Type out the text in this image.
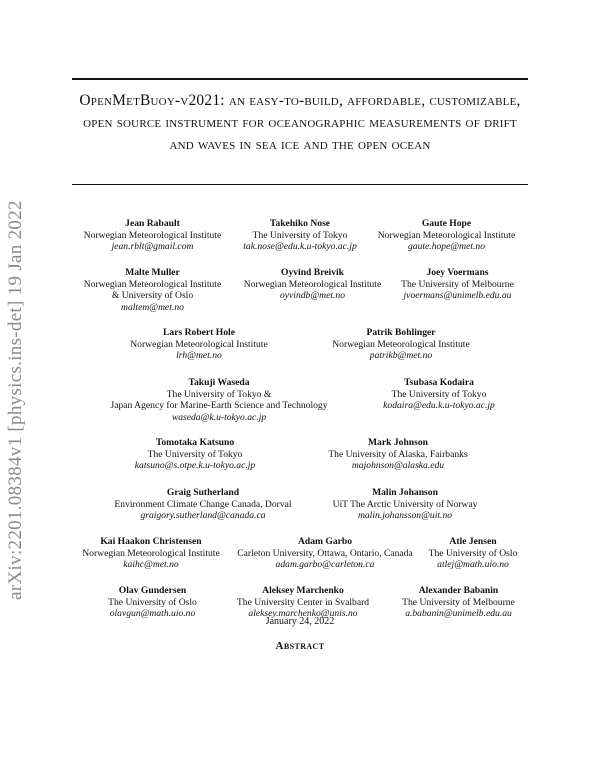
OpenMetBuoy-v2021: an easy-to-build, affordable, customizable, open source instrument for oceanographic measurements of drift and waves in sea ice and the open ocean
arXiv:2201.08384v1 [physics.ins-det] 19 Jan 2022	Jean Rabault
Norwegian Meteorological Institute
jean.rblt@gmail.com
Takehiko Nose
The University of Tokyo
tak.nose@edu.k.u-tokyo.ac.jp
Gaute Hope
Norwegian Meteorological Institute
gaute.hope@met.no
Malte Muller
Norwegian Meteorological Institute
& University of Oslo
maltem@met.no
Oyvind Breivik
Norwegian Meteorological Institute
oyvindb@met.no
Joey Voermans
The University of Melbourne
jvoermans@unimelb.edu.au
Lars Robert Hole
Norwegian Meteorological Institute
lrh@met.no
Patrik Bohlinger
Norwegian Meteorological Institute
patrikb@met.no
Takuji Waseda
The University of Tokyo &
Japan Agency for Marine-Earth Science and Technology
waseda@k.u-tokyo.ac.jp
Tsubasa Kodaira
The University of Tokyo
kodaira@edu.k.u-tokyo.ac.jp
Tomotaka Katsuno
The University of Tokyo
katsuno@s.otpe.k.u-tokyo.ac.jp
Mark Johnson
The University of Alaska, Fairbanks
majohnson@alaska.edu
Graig Sutherland
Environment Climate Change Canada, Dorval
graigory.sutherland@canada.ca
Malin Johanson
UiT The Arctic University of Norway
malin.johansson@uit.no
Kai Haakon Christensen
Norwegian Meteorological Institute
kaihc@met.no
Adam Garbo
Carleton University, Ottawa, Ontario, Canada
adam.garbo@carleton.ca
Atle Jensen
The University of Oslo
atlej@math.uio.no
Olav Gundersen
The University of Oslo
olavgun@math.uio.no
Aleksey Marchenko
The University Center in Svalbard
aleksey.marchenko@unis.no
Alexander Babanin
The University of Melbourne
a.babanin@unimelb.edu.au
January 24, 2022
Abstract
